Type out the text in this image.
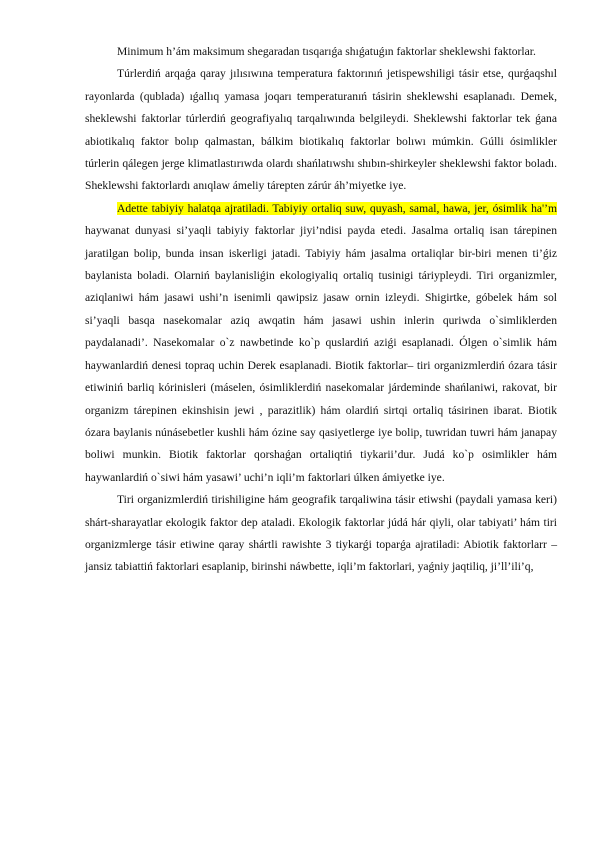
Minimum h’ám maksimum shegaradan tısqarıǵa shıǵatuǵın faktorlar sheklewshi faktorlar.

Túrlerdiń arqaǵa qaray jılısıwına temperatura faktorınıń jetispewshiligi tásir etse, qurǵaqshıl rayonlarda (qublada) ıǵallıq yamasa joqarı temperaturanıń tásirin sheklewshi esaplanadı. Demek, sheklewshi faktorlar túrlerdiń geografiyalıq tarqalıwında belgileydi. Sheklewshi faktorlar tek ǵana abiotikalıq faktor bolıp qalmastan, bálkim biotikalıq faktorlar bolıwı múmkin. Gúlli ósimlikler túrlerin qálegen jerge klimatlastırıwda olardı shańlatıwshı shıbın-shirkeyler sheklewshi faktor boladı. Sheklewshi faktorlardı anıqlaw ámeliy tárepten zárúr áh’miyetke iye.

Adette tabiyiy halatqa ajratiladi. Tabiyiy ortaliq suw, quyash, samal, hawa, jer, ósimlik ha'’m haywanat dunyasi si’yaqli tabiyiy faktorlar jiyi’ndisi payda etedi. Jasalma ortaliq isan tárepinen jaratilgan bolip, bunda insan iskerligi jatadi. Tabiyiy hám jasalma ortaliqlar bir-biri menen ti’ǵiz baylanista boladi. Olarniń baylanisliǵin ekologiyaliq ortaliq tusinigi táriypleydi. Tiri organizmler, aziqlaniwi hám jasawi ushi’n isenimli qawipsiz jasaw ornin izleydi. Shigirtke, góbelek hám sol si’yaqli basqa nasekomalar aziq awqatin hám jasawi ushin inlerin quriwda o`simliklerden paydalanadi’. Nasekomalar o`z nawbetinde ko`p quslardiń aziǵi esaplanadi. Ólgen o`simlik hám haywanlardiń denesi topraq uchin Derek esaplanadi. Biotik faktorlar– tiri organizmlerdiń ózara tásir etiwiniń barliq kórinisleri (máselen, ósimliklerdiń nasekomalar járdeminde shańlaniwi, rakovat, bir organizm tárepinen ekinshisin jewi , parazitlik) hám olardiń sirtqi ortaliq tásirinen ibarat. Biotik ózara baylanis núnásebetler kushli hám ózine say qasiyetlerge iye bolip, tuwridan tuwri hám janapay boliwi munkin. Biotik faktorlar qorshaǵan ortaliqtiń tiykarii’dur. Judá ko`p osimlikler hám haywanlardiń o`siwi hám yasawi’ uchi’n iqli’m faktorlari úlken ámiyetke iye.

Tiri organizmlerdiń tirishiligine hám geografik tarqaliwina tásir etiwshi (paydali yamasa keri) shárt-sharayatlar ekologik faktor dep ataladi. Ekologik faktorlar júdá hár qiyli, olar tabiyati’ hám tiri organizmlerge tásir etiwine qaray shártli rawishte 3 tiykarǵi toparǵa ajratiladi: Abiotik faktorlarr – jansiz tabiattiń faktorlari esaplanip, birinshi náwbette, iqli’m faktorlari, yaǵniy jaqtiliq, ji’ll’ili’q,
